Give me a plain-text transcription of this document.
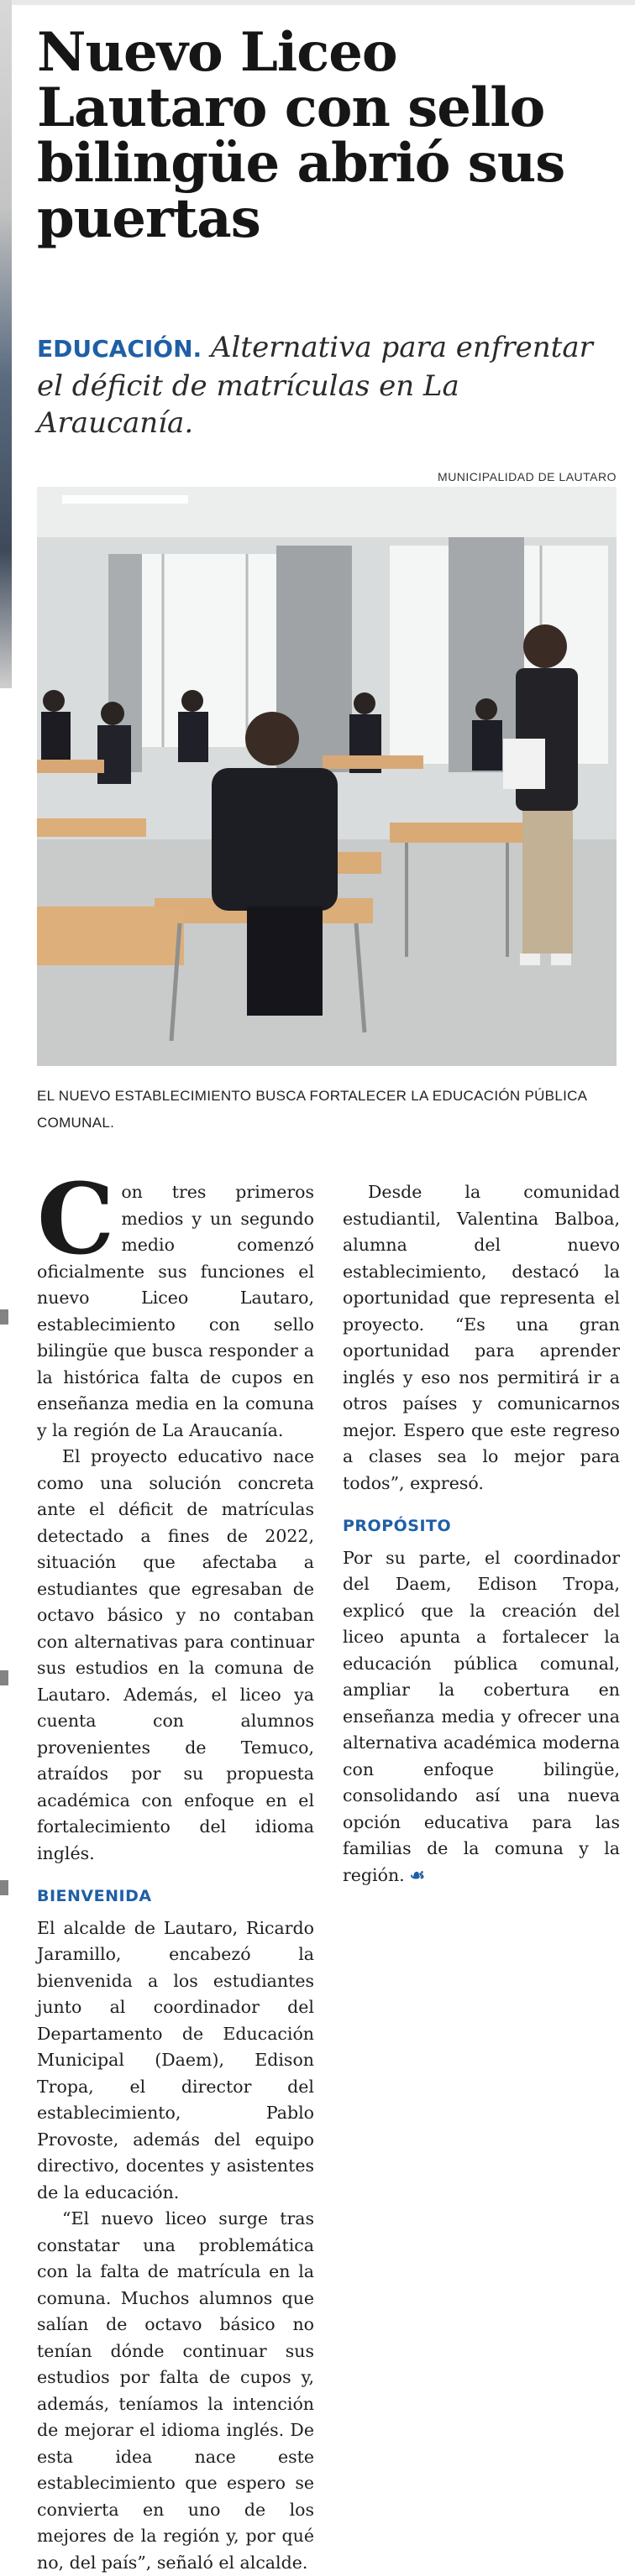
Nuevo Liceo Lautaro con sello bilingüe abrió sus puertas

EDUCACIÓN. Alternativa para enfrentar el déficit de matrículas en La Araucanía.

MUNICIPALIDAD DE LAUTARO
EL NUEVO ESTABLECIMIENTO BUSCA FORTALECER LA EDUCACIÓN PÚBLICA COMUNAL.

Con tres primeros medios y un segundo medio comenzó oficialmente sus funciones el nuevo Liceo Lautaro, establecimiento con sello bilingüe que busca responder a la histórica falta de cupos en enseñanza media en la comuna y la región de La Araucanía.

El proyecto educativo nace como una solución concreta ante el déficit de matrículas detectado a fines de 2022, situación que afectaba a estudiantes que egresaban de octavo básico y no contaban con alternativas para continuar sus estudios en la comuna de Lautaro. Además, el liceo ya cuenta con alumnos provenientes de Temuco, atraídos por su propuesta académica con enfoque en el fortalecimiento del idioma inglés.

BIENVENIDA

El alcalde de Lautaro, Ricardo Jaramillo, encabezó la bienvenida a los estudiantes junto al coordinador del Departamento de Educación Municipal (Daem), Edison Tropa, el director del establecimiento, Pablo Provoste, además del equipo directivo, docentes y asistentes de la educación.

“El nuevo liceo surge tras constatar una problemática con la falta de matrícula en la comuna. Muchos alumnos que salían de octavo básico no tenían dónde continuar sus estudios por falta de cupos y, además, teníamos la intención de mejorar el idioma inglés. De esta idea nace este establecimiento que espero se convierta en uno de los mejores de la región y, por qué no, del país”, señaló el alcalde.

Desde la comunidad estudiantil, Valentina Balboa, alumna del nuevo establecimiento, destacó la oportunidad que representa el proyecto. “Es una gran oportunidad para aprender inglés y eso nos permitirá ir a otros países y comunicarnos mejor. Espero que este regreso a clases sea lo mejor para todos”, expresó.

PROPÓSITO

Por su parte, el coordinador del Daem, Edison Tropa, explicó que la creación del liceo apunta a fortalecer la educación pública comunal, ampliar la cobertura en enseñanza media y ofrecer una alternativa académica moderna con enfoque bilingüe, consolidando así una nueva opción educativa para las familias de la comuna y la región. ☙
